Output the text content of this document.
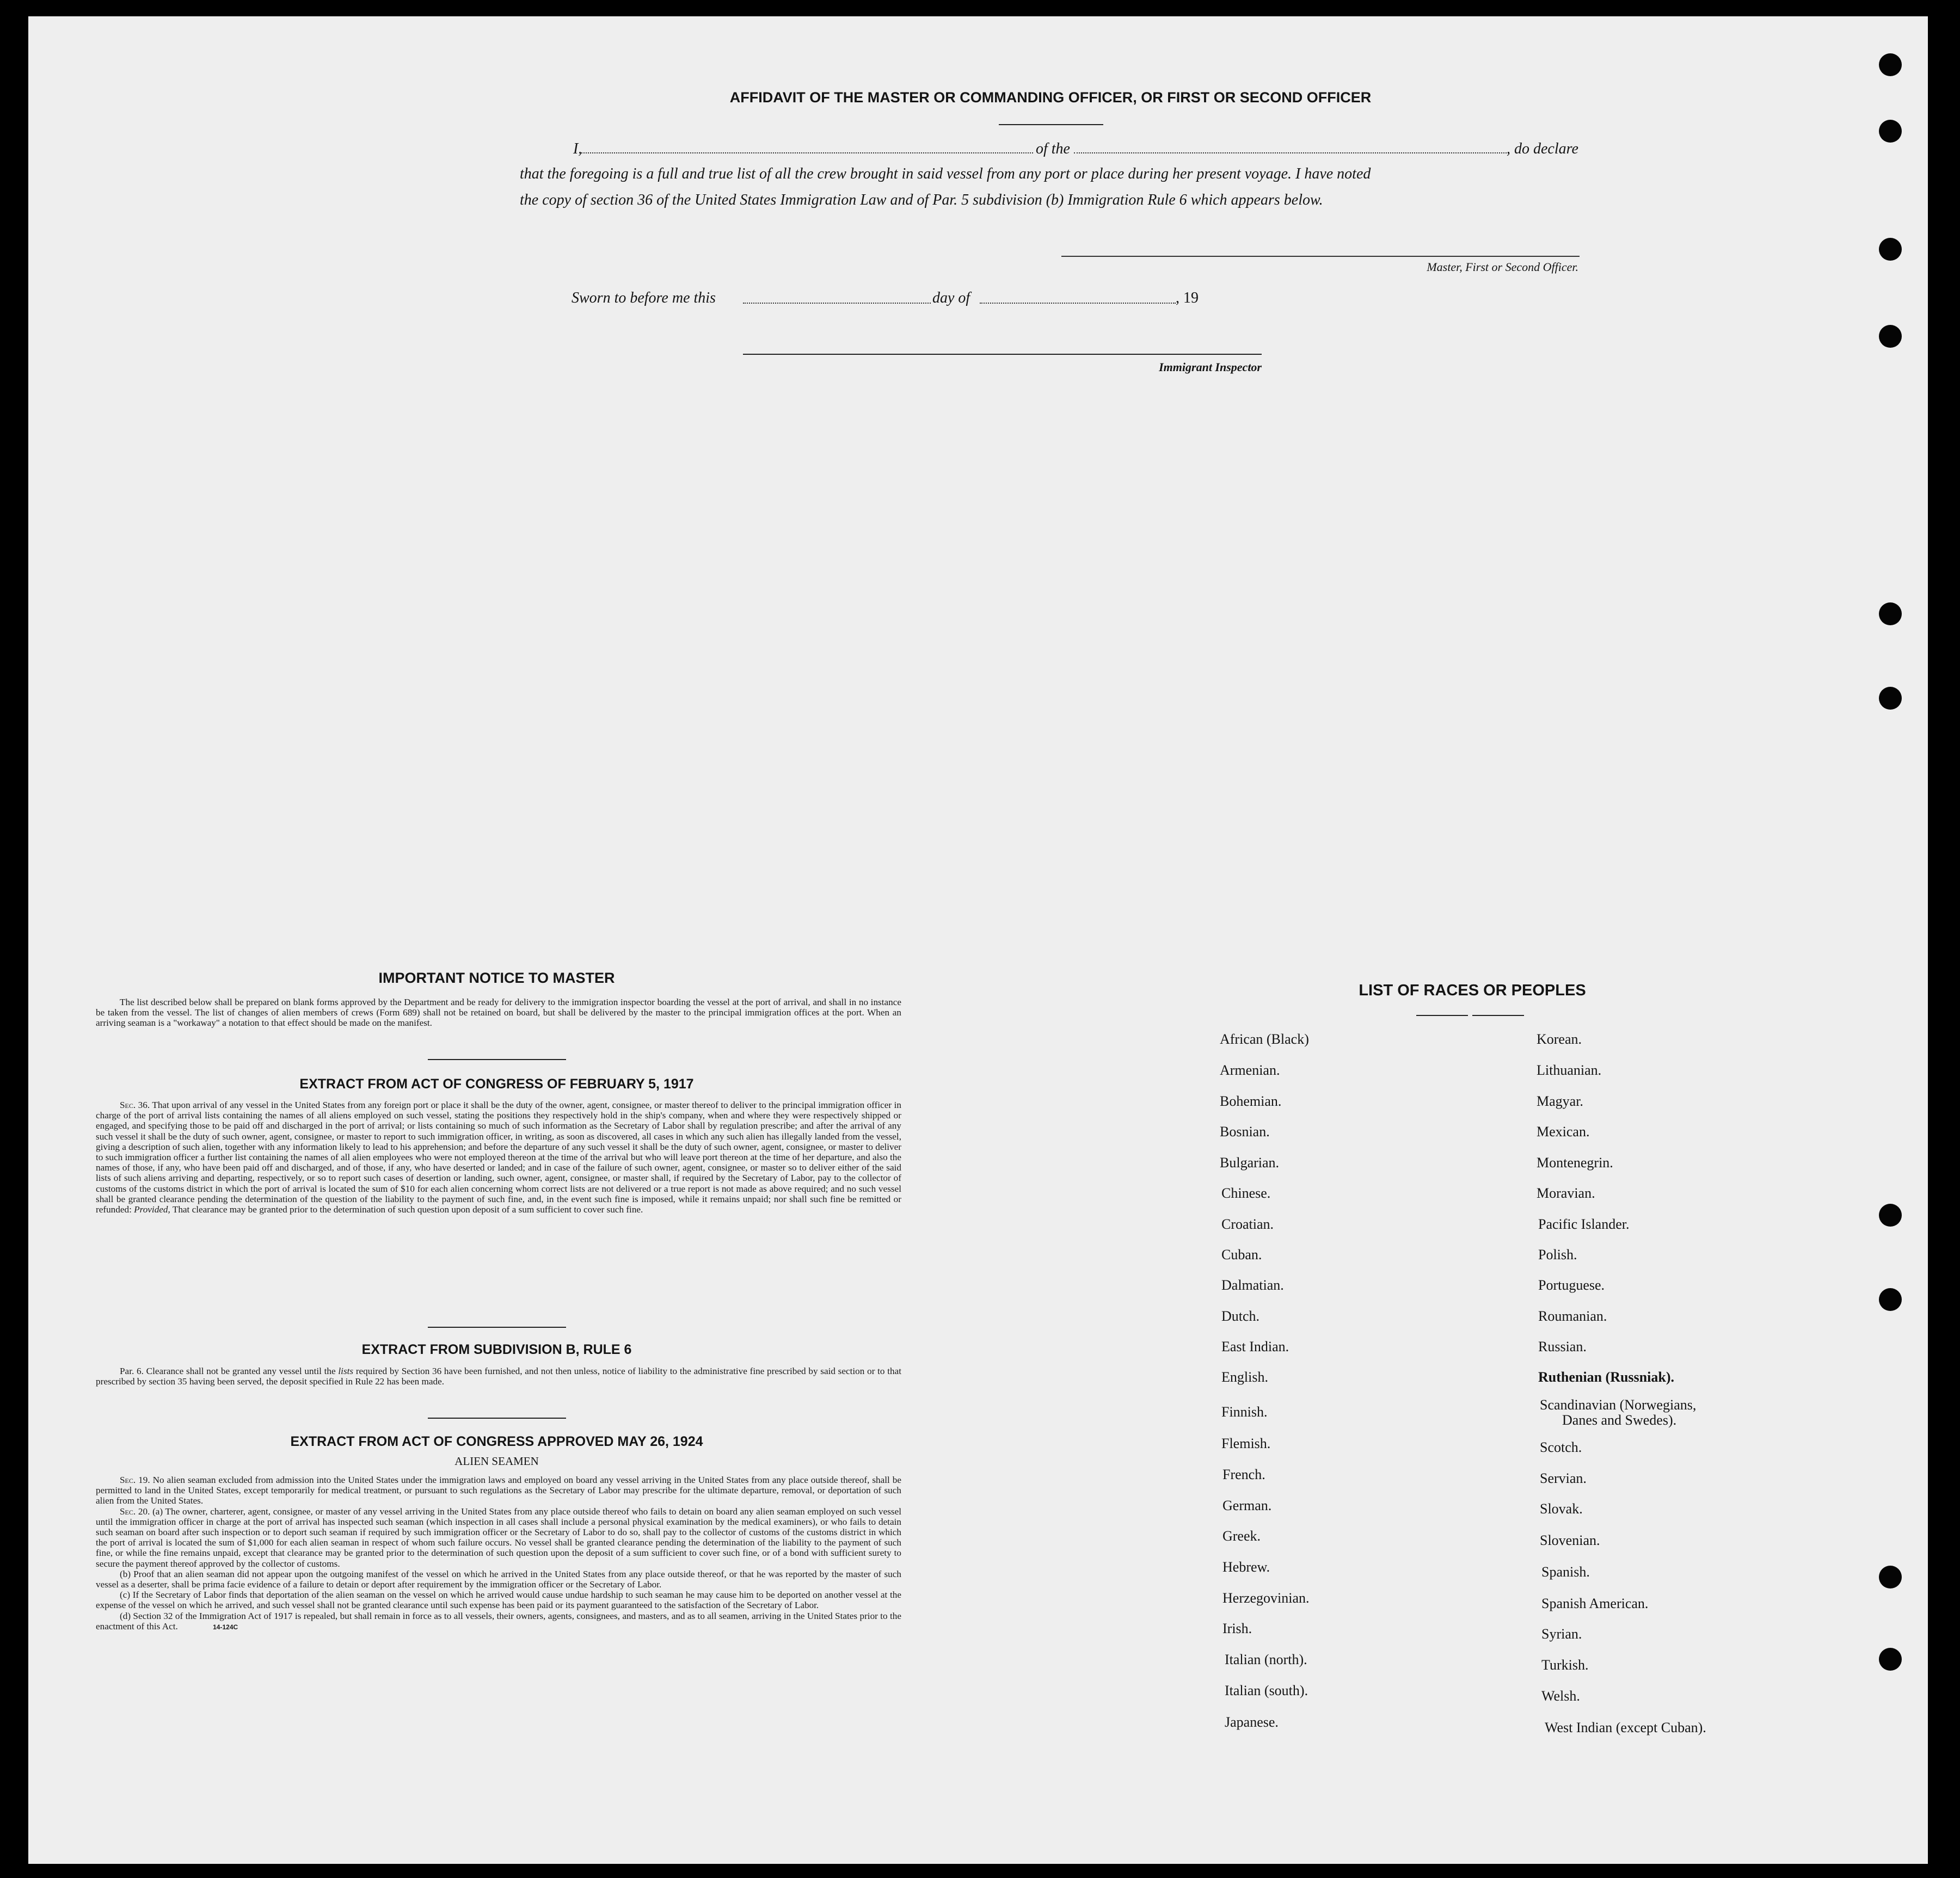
AFFIDAVIT OF THE MASTER OR COMMANDING OFFICER, OR FIRST OR SECOND OFFICER
I,	of the	, do declare
that the foregoing is a full and true list of all the crew brought in said vessel from any port or place during her present voyage. I have noted
the copy of section 36 of the United States Immigration Law and of Par. 5 subdivision (b) Immigration Rule 6 which appears below.
Master, First or Second Officer.
Sworn to before me this	day of	, 19
Immigrant Inspector
IMPORTANT NOTICE TO MASTER

The list described below shall be prepared on blank forms approved by the Department and be ready for delivery to the immigration inspector boarding the vessel at the port of arrival, and shall in no instance be taken from the vessel. The list of changes of alien members of crews (Form 689) shall not be retained on board, but shall be delivered by the master to the principal immigration offices at the port. When an arriving seaman is a "workaway" a notation to that effect should be made on the manifest.

EXTRACT FROM ACT OF CONGRESS OF FEBRUARY 5, 1917

Sec. 36. That upon arrival of any vessel in the United States from any foreign port or place it shall be the duty of the owner, agent, consignee, or master thereof to deliver to the principal immigration officer in charge of the port of arrival lists containing the names of all aliens employed on such vessel, stating the positions they respectively hold in the ship's company, when and where they were respectively shipped or engaged, and specifying those to be paid off and discharged in the port of arrival; or lists containing so much of such information as the Secretary of Labor shall by regulation prescribe; and after the arrival of any such vessel it shall be the duty of such owner, agent, consignee, or master to report to such immigration officer, in writing, as soon as discovered, all cases in which any such alien has illegally landed from the vessel, giving a description of such alien, together with any information likely to lead to his apprehension; and before the departure of any such vessel it shall be the duty of such owner, agent, consignee, or master to deliver to such immigration officer a further list containing the names of all alien employees who were not employed thereon at the time of the arrival but who will leave port thereon at the time of her departure, and also the names of those, if any, who have been paid off and discharged, and of those, if any, who have deserted or landed; and in case of the failure of such owner, agent, consignee, or master so to deliver either of the said lists of such aliens arriving and departing, respectively, or so to report such cases of desertion or landing, such owner, agent, consignee, or master shall, if required by the Secretary of Labor, pay to the collector of customs of the customs district in which the port of arrival is located the sum of $10 for each alien concerning whom correct lists are not delivered or a true report is not made as above required; and no such vessel shall be granted clearance pending the determination of the question of the liability to the payment of such fine, and, in the event such fine is imposed, while it remains unpaid; nor shall such fine be remitted or refunded: Provided, That clearance may be granted prior to the determination of such question upon deposit of a sum sufficient to cover such fine.

EXTRACT FROM SUBDIVISION B, RULE 6

Par. 6. Clearance shall not be granted any vessel until the lists required by Section 36 have been furnished, and not then unless, notice of liability to the administrative fine prescribed by said section or to that prescribed by section 35 having been served, the deposit specified in Rule 22 has been made.

EXTRACT FROM ACT OF CONGRESS APPROVED MAY 26, 1924
ALIEN SEAMEN

Sec. 19. No alien seaman excluded from admission into the United States under the immigration laws and employed on board any vessel arriving in the United States from any place outside thereof, shall be permitted to land in the United States, except temporarily for medical treatment, or pursuant to such regulations as the Secretary of Labor may prescribe for the ultimate departure, removal, or deportation of such alien from the United States.

Sec. 20. (a) The owner, charterer, agent, consignee, or master of any vessel arriving in the United States from any place outside thereof who fails to detain on board any alien seaman employed on such vessel until the immigration officer in charge at the port of arrival has inspected such seaman (which inspection in all cases shall include a personal physical examination by the medical examiners), or who fails to detain such seaman on board after such inspection or to deport such seaman if required by such immigration officer or the Secretary of Labor to do so, shall pay to the collector of customs of the customs district in which the port of arrival is located the sum of $1,000 for each alien seaman in respect of whom such failure occurs. No vessel shall be granted clearance pending the determination of the liability to the payment of such fine, or while the fine remains unpaid, except that clearance may be granted prior to the determination of such question upon the deposit of a sum sufficient to cover such fine, or of a bond with sufficient surety to secure the payment thereof approved by the collector of customs.

(b) Proof that an alien seaman did not appear upon the outgoing manifest of the vessel on which he arrived in the United States from any place outside thereof, or that he was reported by the master of such vessel as a deserter, shall be prima facie evidence of a failure to detain or deport after requirement by the immigration officer or the Secretary of Labor.

(c) If the Secretary of Labor finds that deportation of the alien seaman on the vessel on which he arrived would cause undue hardship to such seaman he may cause him to be deported on another vessel at the expense of the vessel on which he arrived, and such vessel shall not be granted clearance until such expense has been paid or its payment guaranteed to the satisfaction of the Secretary of Labor.

(d) Section 32 of the Immigration Act of 1917 is repealed, but shall remain in force as to all vessels, their owners, agents, consignees, and masters, and as to all seamen, arriving in the United States prior to the enactment of this Act.	14-124C

LIST OF RACES OR PEOPLES
African (Black)
Armenian.
Bohemian.
Bosnian.
Bulgarian.
Chinese.
Croatian.
Cuban.
Dalmatian.
Dutch.
East Indian.
English.
Finnish.
Flemish.
French.
German.
Greek.
Hebrew.
Herzegovinian.
Irish.
Italian (north).
Italian (south).
Japanese.
Korean.
Lithuanian.
Magyar.
Mexican.
Montenegrin.
Moravian.
Pacific Islander.
Polish.
Portuguese.
Roumanian.
Russian.
Ruthenian (Russniak).
Scandinavian (Norwegians,
Danes and Swedes).
Scotch.
Servian.
Slovak.
Slovenian.
Spanish.
Spanish American.
Syrian.
Turkish.
Welsh.
West Indian (except Cuban).
